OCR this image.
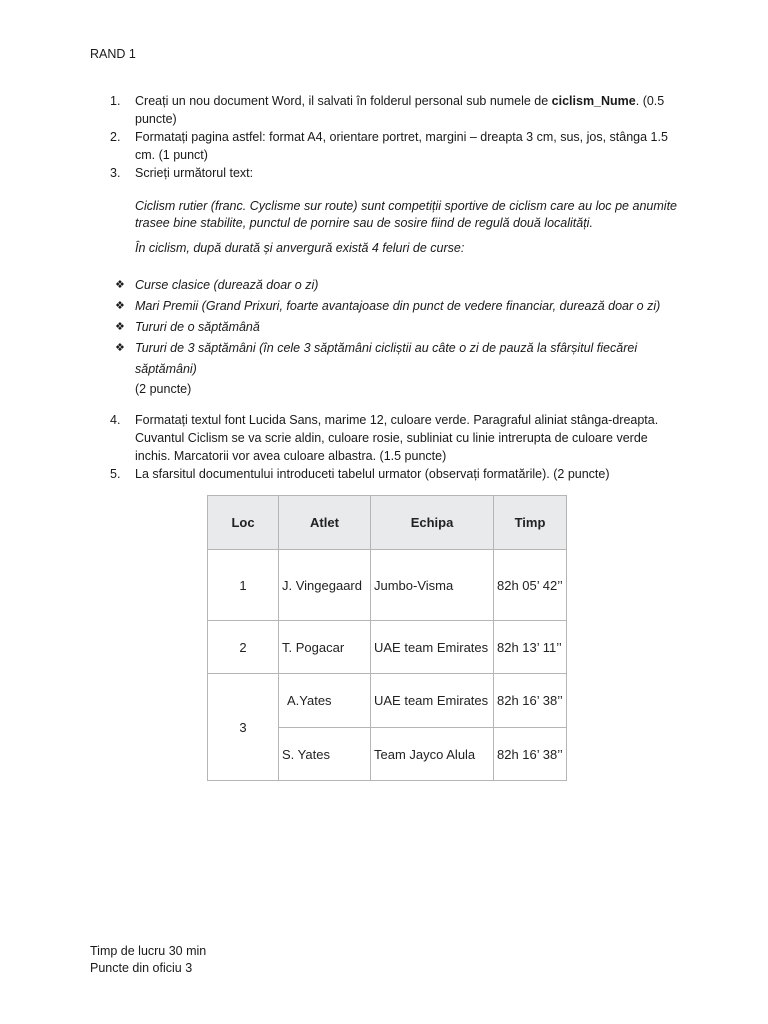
RAND 1
1. Creați un nou document Word, il salvati în folderul personal sub numele de ciclism_Nume. (0.5 puncte)
2. Formatați pagina astfel: format A4, orientare portret, margini – dreapta 3 cm, sus, jos, stânga 1.5 cm. (1 punct)
3. Scrieți următorul text:
Ciclism rutier (franc. Cyclisme sur route) sunt competiții sportive de ciclism care au loc pe anumite trasee bine stabilite, punctul de pornire sau de sosire fiind de regulă două localități.
În ciclism, după durată și anvergură există 4 feluri de curse:
❖ Curse clasice (durează doar o zi)
❖ Mari Premii (Grand Prixuri, foarte avantajoase din punct de vedere financiar, durează doar o zi)
❖ Tururi de o săptămână
❖ Tururi de 3 săptămâni (în cele 3 săptămâni cicliștii au câte o zi de pauză la sfârșitul fiecărei săptămâni)
(2 puncte)
4. Formatați textul font Lucida Sans, marime 12, culoare verde. Paragraful aliniat stânga-dreapta. Cuvantul Ciclism se va scrie aldin, culoare rosie, subliniat cu linie intrerupta de culoare verde inchis. Marcatorii vor avea culoare albastra. (1.5 puncte)
5. La sfarsitul documentului introduceti tabelul urmator (observați formatările). (2 puncte)
Loc	Atlet	Echipa	Timp
1	J. Vingegaard	Jumbo-Visma	82h 05’ 42’’
2	T. Pogacar	UAE team Emirates	82h 13’ 11’’
3	A.Yates	UAE team Emirates	82h 16’ 38’’
	S. Yates	Team Jayco Alula	82h 16’ 38’’
Timp de lucru 30 min
Puncte din oficiu 3
